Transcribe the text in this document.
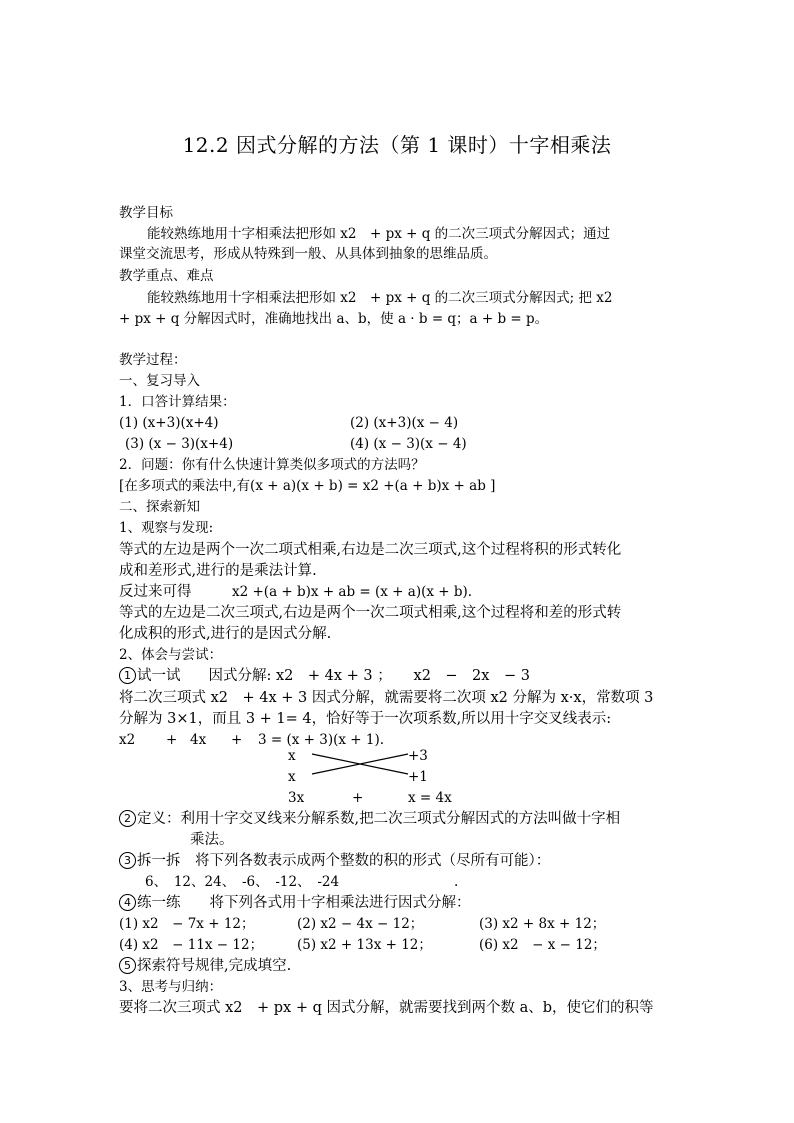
12.2 因式分解的方法（第 1 课时）十字相乘法
教学目标
能较熟练地用十字相乘法把形如 x2　+ px + q 的二次三项式分解因式；通过
课堂交流思考，形成从特殊到一般、从具体到抽象的思维品质。
教学重点、难点
能较熟练地用十字相乘法把形如 x2　+ px + q 的二次三项式分解因式; 把 x2
+ px + q 分解因式时，准确地找出 a、b，使 a · b = q；a + b = p。
教学过程：
一、复习导入
1．口答计算结果：
(1) (x+3)(x+4)	(2) (x+3)(x − 4)
(3) (x − 3)(x+4)	(4) (x − 3)(x − 4)
2．问题：你有什么快速计算类似多项式的方法吗？
[在多项式的乘法中,有(x + a)(x + b) = x2 +(a + b)x + ab ]
二、探索新知
1、观察与发现:
等式的左边是两个一次二项式相乘,右边是二次三项式,这个过程将积的形式转化
成和差形式,进行的是乘法计算.
反过来可得	x2 +(a + b)x + ab = (x + a)(x + b).
等式的左边是二次三项式,右边是两个一次二项式相乘,这个过程将和差的形式转
化成积的形式,进行的是因式分解.
2、体会与尝试：
1 试一试 因式分解: x2　+ 4x + 3 ；　　x2　−　2x　− 3
将二次三项式 x2　+ 4x + 3 因式分解，就需要将二次项 x2 分解为 x·x，常数项 3
分解为 3×1，而且 3 + 1= 4，恰好等于一次项系数,所以用十字交叉线表示:
x2 + 4x + 3 = (x + 3)(x + 1).
x	+3
x	+1
3x	+	x = 4x
2 定义：利用十字交叉线来分解系数,把二次三项式分解因式的方法叫做十字相
乘法。
3 拆一拆　将下列各数表示成两个整数的积的形式（尽所有可能）：
6、　12、24、　-6、　-12、　-24	.
4 练一练　　将下列各式用十字相乘法进行因式分解：
(1) x2　− 7x + 12；	(2) x2 − 4x − 12；	(3) x2 + 8x + 12；
(4) x2　− 11x − 12；	(5) x2 + 13x + 12；	(6) x2　− x − 12；
5 探索符号规律,完成填空.
3、思考与归纳：
要将二次三项式 x2　+ px + q 因式分解，就需要找到两个数 a、b，使它们的积等
